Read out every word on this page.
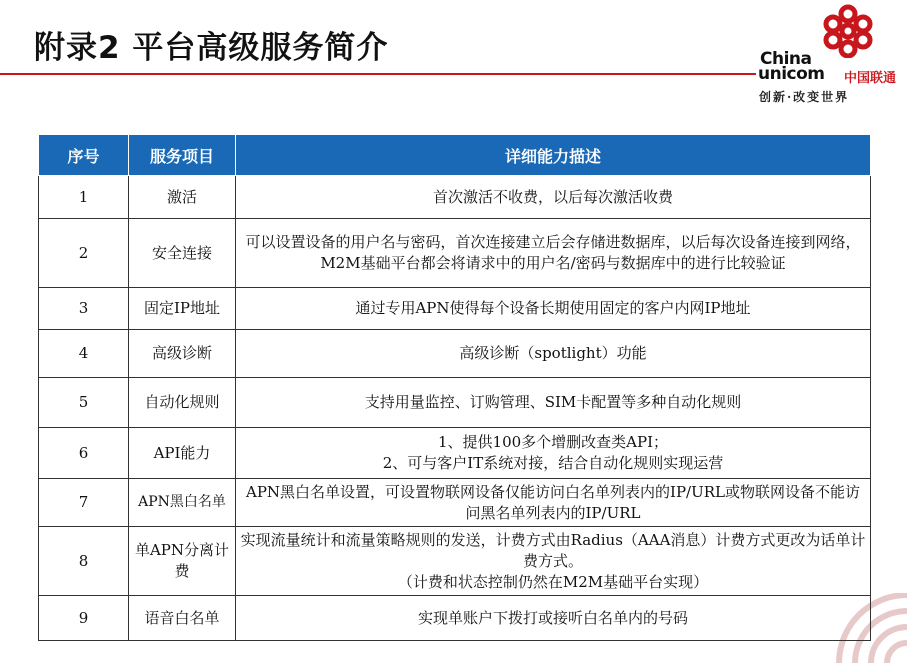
附录2 平台高级服务简介	China
unicom 中国联通
创新·改变世界
序号	服务项目	详细能力描述
1	激活	首次激活不收费，以后每次激活收费

2	安全连接	可以设置设备的用户名与密码，首次连接建立后会存储进数据库，以后每次设备连接到网络，M2M基础平台都会将请求中的用户名/密码与数据库中的进行比较验证

3	固定IP地址	通过专用APN使得每个设备长期使用固定的客户内网IP地址

4	高级诊断	高级诊断（spotlight）功能

5	自动化规则	支持用量监控、订购管理、SIM卡配置等多种自动化规则

6	API能力	1、提供100多个增删改查类API；
2、可与客户IT系统对接，结合自动化规则实现运营

7	APN黑白名单	APN黑白名单设置，可设置物联网设备仅能访问白名单列表内的IP/URL或物联网设备不能访问黑名单列表内的IP/URL

8	单APN分离计费	实现流量统计和流量策略规则的发送，计费方式由Radius（AAA消息）计费方式更改为话单计费方式。
（计费和状态控制仍然在M2M基础平台实现）

9	语音白名单	实现单账户下拨打或接听白名单内的号码
